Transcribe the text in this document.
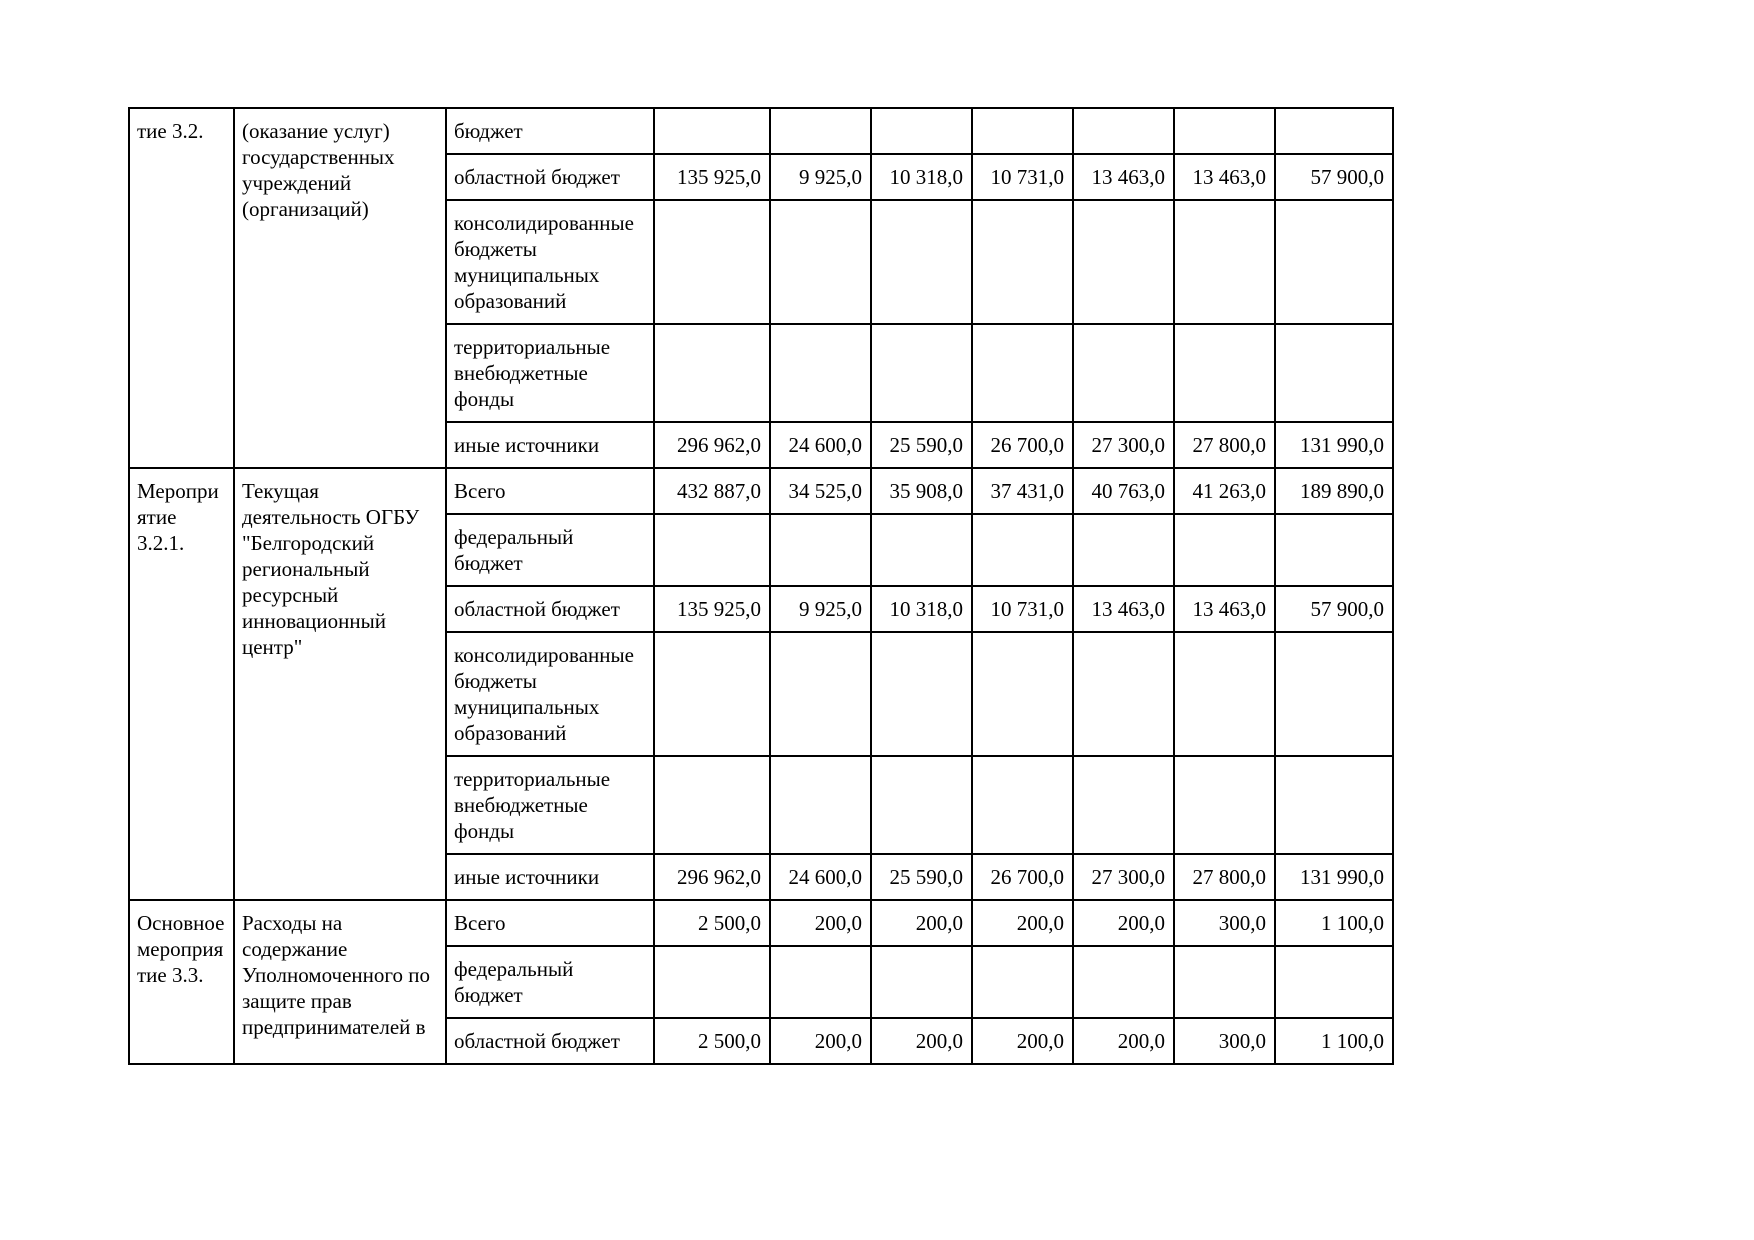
тие 3.2.	(оказание услуг) государственных учреждений (организаций)	бюджет							
		областной бюджет	135 925,0	9 925,0	10 318,0	10 731,0	13 463,0	13 463,0	57 900,0
		консолидированные бюджеты муниципальных образований							
		территориальные внебюджетные фонды							
		иные источники	296 962,0	24 600,0	25 590,0	26 700,0	27 300,0	27 800,0	131 990,0
Мероприятие 3.2.1.	Текущая деятельность ОГБУ "Белгородский региональный ресурсный инновационный центр"	Всего	432 887,0	34 525,0	35 908,0	37 431,0	40 763,0	41 263,0	189 890,0
		федеральный бюджет							
		областной бюджет	135 925,0	9 925,0	10 318,0	10 731,0	13 463,0	13 463,0	57 900,0
		консолидированные бюджеты муниципальных образований							
		территориальные внебюджетные фонды							
		иные источники	296 962,0	24 600,0	25 590,0	26 700,0	27 300,0	27 800,0	131 990,0
Основное мероприятие 3.3.	Расходы на содержание Уполномоченного по защите прав предпринимателей в	Всего	2 500,0	200,0	200,0	200,0	200,0	300,0	1 100,0
		федеральный бюджет							
		областной бюджет	2 500,0	200,0	200,0	200,0	200,0	300,0	1 100,0
